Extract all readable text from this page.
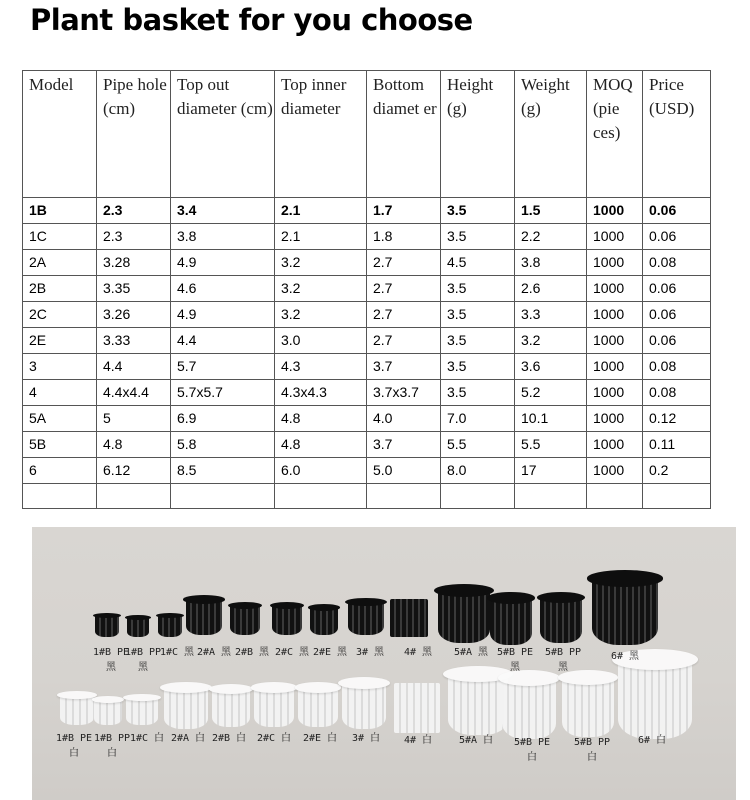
Plant basket for you choose
Model	Pipe hole (cm)	Top out diameter (cm)	Top inner diameter	Bottom diamet er	Height (g)	Weight (g)	MOQ (pie ces)	Price (USD)
1B	2.3	3.4	2.1	1.7	3.5	1.5	1000	0.06
1C	2.3	3.8	2.1	1.8	3.5	2.2	1000	0.06
2A	3.28	4.9	3.2	2.7	4.5	3.8	1000	0.08
2B	3.35	4.6	3.2	2.7	3.5	2.6	1000	0.06
2C	3.26	4.9	3.2	2.7	3.5	3.3	1000	0.06
2E	3.33	4.4	3.0	2.7	3.5	3.2	1000	0.06
3	4.4	5.7	4.3	3.7	3.5	3.6	1000	0.08
4	4.4x4.4	5.7x5.7	4.3x4.3	3.7x3.7	3.5	5.2	1000	0.08
5A	5	6.9	4.8	4.0	7.0	10.1	1000	0.12
5B	4.8	5.8	4.8	3.7	5.5	5.5	1000	0.11
6	6.12	8.5	6.0	5.0	8.0	17	1000	0.2

1#B PE黑
1#B PP黑
1#C 黑 2#A 黑 2#B 黑 2#C 黑 2#E 黑 3# 黑	4# 黑	5#A 黑 5#B PE黑
5#B PP黑
6# 黑
1#B PE白
1#B PP白
1#C 白 2#A 白 2#B 白 2#C 白 2#E 白	3# 白	4# 白	5#A 白 5#B PE白
5#B PP白
6# 白
